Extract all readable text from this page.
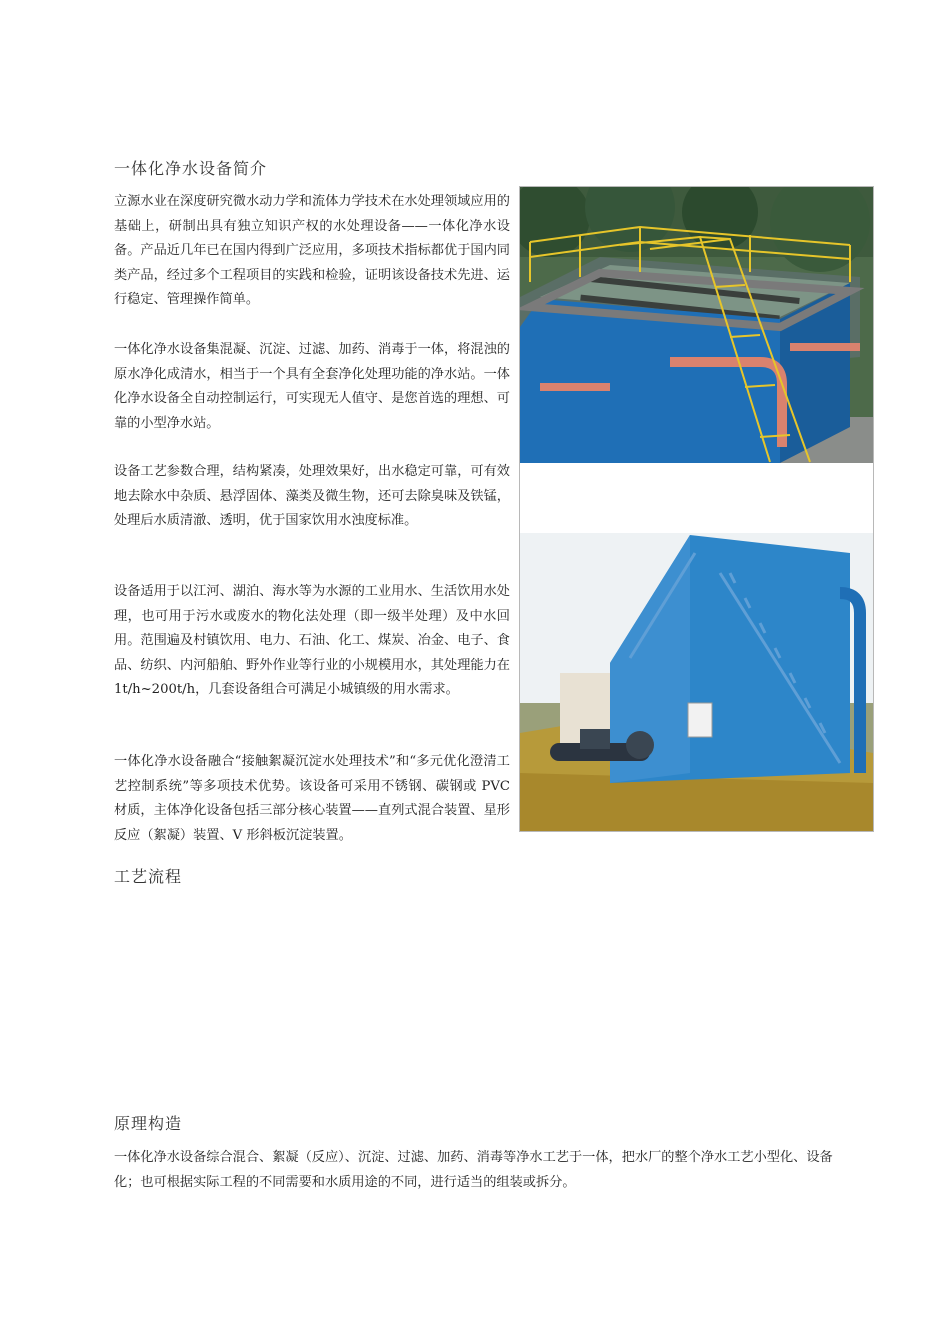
一体化净水设备简介

立源水业在深度研究微水动力学和流体力学技术在水处理领域应用的基础上，研制出具有独立知识产权的水处理设备——一体化净水设备。产品近几年已在国内得到广泛应用，多项技术指标都优于国内同类产品，经过多个工程项目的实践和检验，证明该设备技术先进、运行稳定、管理操作简单。

一体化净水设备集混凝、沉淀、过滤、加药、消毒于一体，将混浊的原水净化成清水，相当于一个具有全套净化处理功能的净水站。一体化净水设备全自动控制运行，可实现无人值守、是您首选的理想、可靠的小型净水站。

设备工艺参数合理，结构紧凑，处理效果好，出水稳定可靠，可有效地去除水中杂质、悬浮固体、藻类及微生物，还可去除臭味及铁锰，处理后水质清澈、透明，优于国家饮用水浊度标准。

设备适用于以江河、湖泊、海水等为水源的工业用水、生活饮用水处理，也可用于污水或废水的物化法处理（即一级半处理）及中水回用。范围遍及村镇饮用、电力、石油、化工、煤炭、冶金、电子、食品、纺织、内河船舶、野外作业等行业的小规模用水，其处理能力在 1t/h~200t/h，几套设备组合可满足小城镇级的用水需求。

一体化净水设备融合“接触絮凝沉淀水处理技术”和“多元优化澄清工艺控制系统”等多项技术优势。该设备可采用不锈钢、碳钢或 PVC 材质，主体净化设备包括三部分核心装置——直列式混合装置、星形反应（絮凝）装置、V 形斜板沉淀装置。

工艺流程
原理构造

一体化净水设备综合混合、絮凝（反应）、沉淀、过滤、加药、消毒等净水工艺于一体，把水厂的整个净水工艺小型化、设备化；也可根据实际工程的不同需要和水质用途的不同，进行适当的组装或拆分。
